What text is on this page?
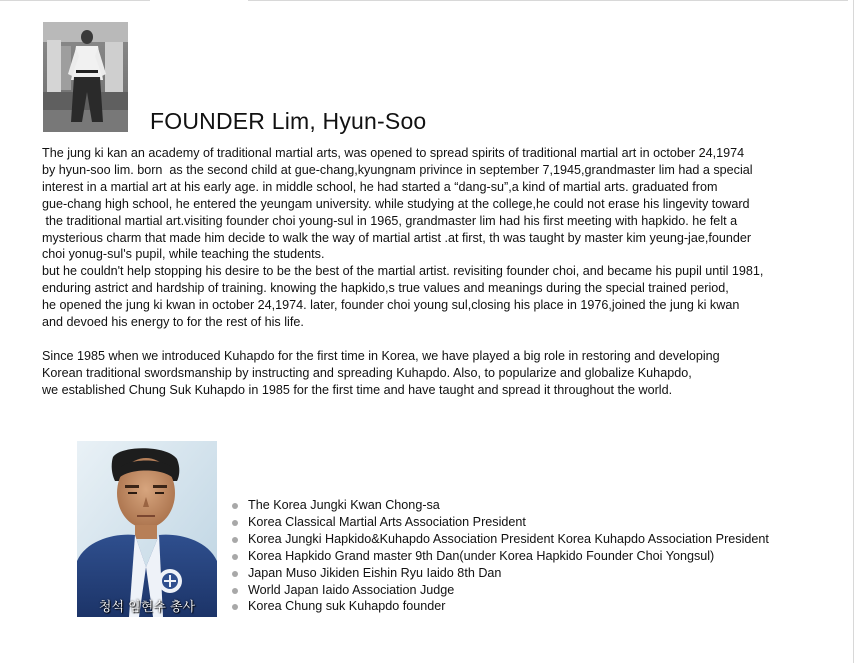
FOUNDER Lim, Hyun-Soo

The jung ki kan an academy of traditional martial arts, was opened to spread spirits of traditional martial art in october 24,1974

by hyun-soo lim. born  as the second child at gue-chang,kyungnam privince in september 7,1945,grandmaster lim had a special

interest in a martial art at his early age. in middle school, he had started a “dang-su”,a kind of martial arts. graduated from

gue-chang high school, he entered the yeungam university. while studying at the college,he could not erase his lingevity toward

the traditional martial art.visiting founder choi young-sul in 1965, grandmaster lim had his first meeting with hapkido. he felt a

mysterious charm that made him decide to walk the way of martial artist .at first, th was taught by master kim yeung-jae,founder

choi yonug-sul's pupil, while teaching the students.

but he couldn't help stopping his desire to be the best of the martial artist. revisiting founder choi, and became his pupil until 1981,

enduring astrict and hardship of training. knowing the hapkido,s true values and meanings during the special trained period,

he opened the jung ki kwan in october 24,1974. later, founder choi young sul,closing his place in 1976,joined the jung ki kwan

and devoed his energy to for the rest of his life.

Since 1985 when we introduced Kuhapdo for the first time in Korea, we have played a big role in restoring and developing

Korean traditional swordsmanship by instructing and spreading Kuhapdo. Also, to popularize and globalize Kuhapdo,

we established Chung Suk Kuhapdo in 1985 for the first time and have taught and spread it throughout the world.

청석 임현수 총사
The Korea Jungki Kwan Chong-sa
Korea Classical Martial Arts Association President
Korea Jungki Hapkido&Kuhapdo Association President Korea Kuhapdo Association President
Korea Hapkido Grand master 9th Dan(under Korea Hapkido Founder Choi Yongsul)
Japan Muso Jikiden Eishin Ryu Iaido 8th Dan
World Japan Iaido Association Judge
Korea Chung suk Kuhapdo founder
